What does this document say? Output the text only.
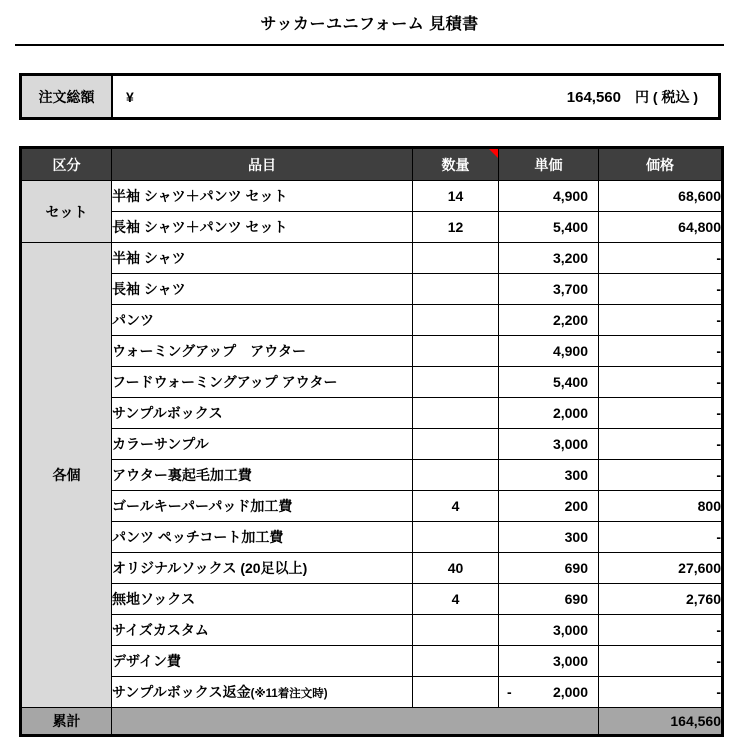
サッカーユニフォーム 見積書
注文総額	¥	164,560 円 ( 税込 )
区分	品目	数量	単価	価格
セット	半袖 シャツ＋パンツ セット	14	4,900	68,600
	長袖 シャツ＋パンツ セット	12	5,400	64,800
各個	半袖 シャツ		3,200	-
	長袖 シャツ		3,700	-
	パンツ		2,200	-
	ウォーミングアップ　アウター		4,900	-
	フードウォーミングアップ アウター		5,400	-
	サンプルボックス		2,000	-
	カラーサンプル		3,000	-
	アウター裏起毛加工費		300	-
	ゴールキーパーパッド加工費	4	200	800
	パンツ ペッチコート加工費		300	-
	オリジナルソックス (20足以上)	40	690	27,600
	無地ソックス	4	690	2,760
	サイズカスタム		3,000	-
	デザイン費		3,000	-
	サンプルボックス返金(※11着注文時)		- 2,000	-
累計				164,560
